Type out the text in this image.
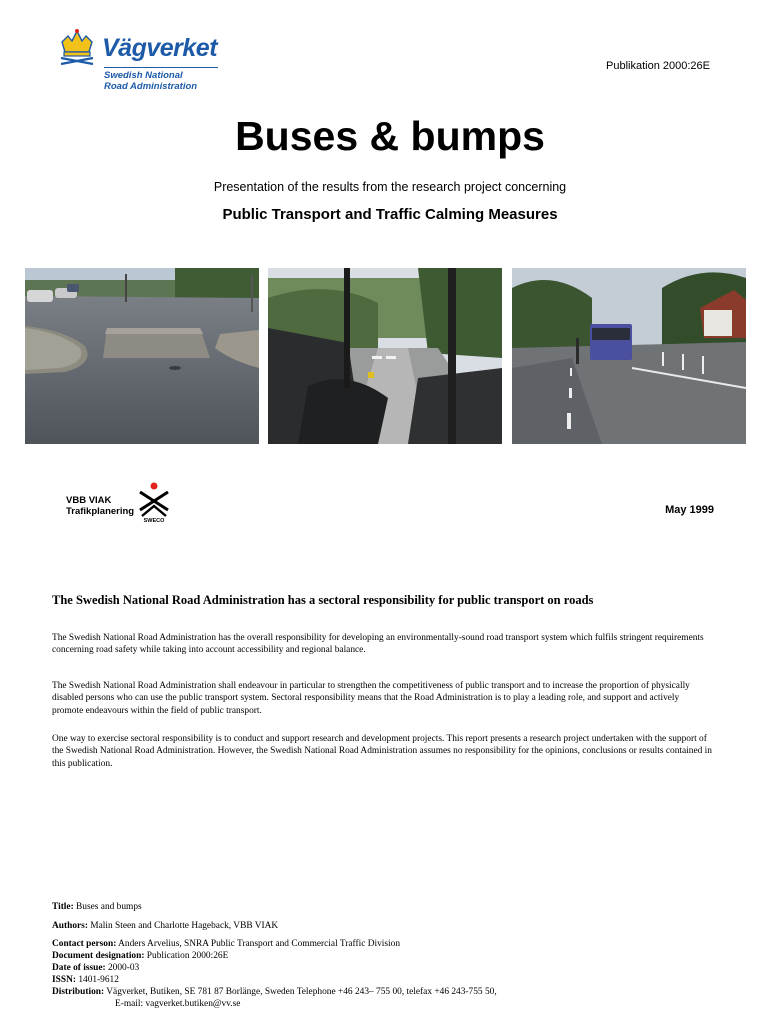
Vägverket
Swedish National
Road Administration
Publikation 2000:26E
Buses & bumps
Presentation of the results from the research project concerning
Public Transport and Traffic Calming Measures
VBB VIAK
Trafikplanering
SWECO
May 1999
The Swedish National Road Administration has a sectoral responsibility for public transport on roads
The Swedish National Road Administration has the overall responsibility for developing an environmentally-sound road transport system which fulfils stringent requirements concerning road safety while taking into account accessibility and regional balance.
The Swedish National Road Administration shall endeavour in particular to strengthen the competitiveness of public transport and to increase the proportion of physically disabled persons who can use the public transport system. Sectoral responsibility means that the Road Administration is to play a leading role, and support and actively promote endeavours within the field of public transport.
One way to exercise sectoral responsibility is to conduct and support research and development projects. This report presents a research project undertaken with the support of the Swedish National Road Administration. However, the Swedish National Road Administration assumes no responsibility for the opinions, conclusions or results contained in this publication.
Title: Buses and bumps
Authors: Malin Steen and Charlotte Hageback, VBB VIAK
Contact person: Anders Arvelius, SNRA Public Transport and Commercial Traffic Division
Document designation: Publication 2000:26E
Date of issue: 2000-03
ISSN: 1401-9612
Distribution: Vägverket, Butiken, SE 781 87 Borlänge, Sweden Telephone +46 243– 755 00, telefax +46 243-755 50,
E-mail: vagverket.butiken@vv.se
